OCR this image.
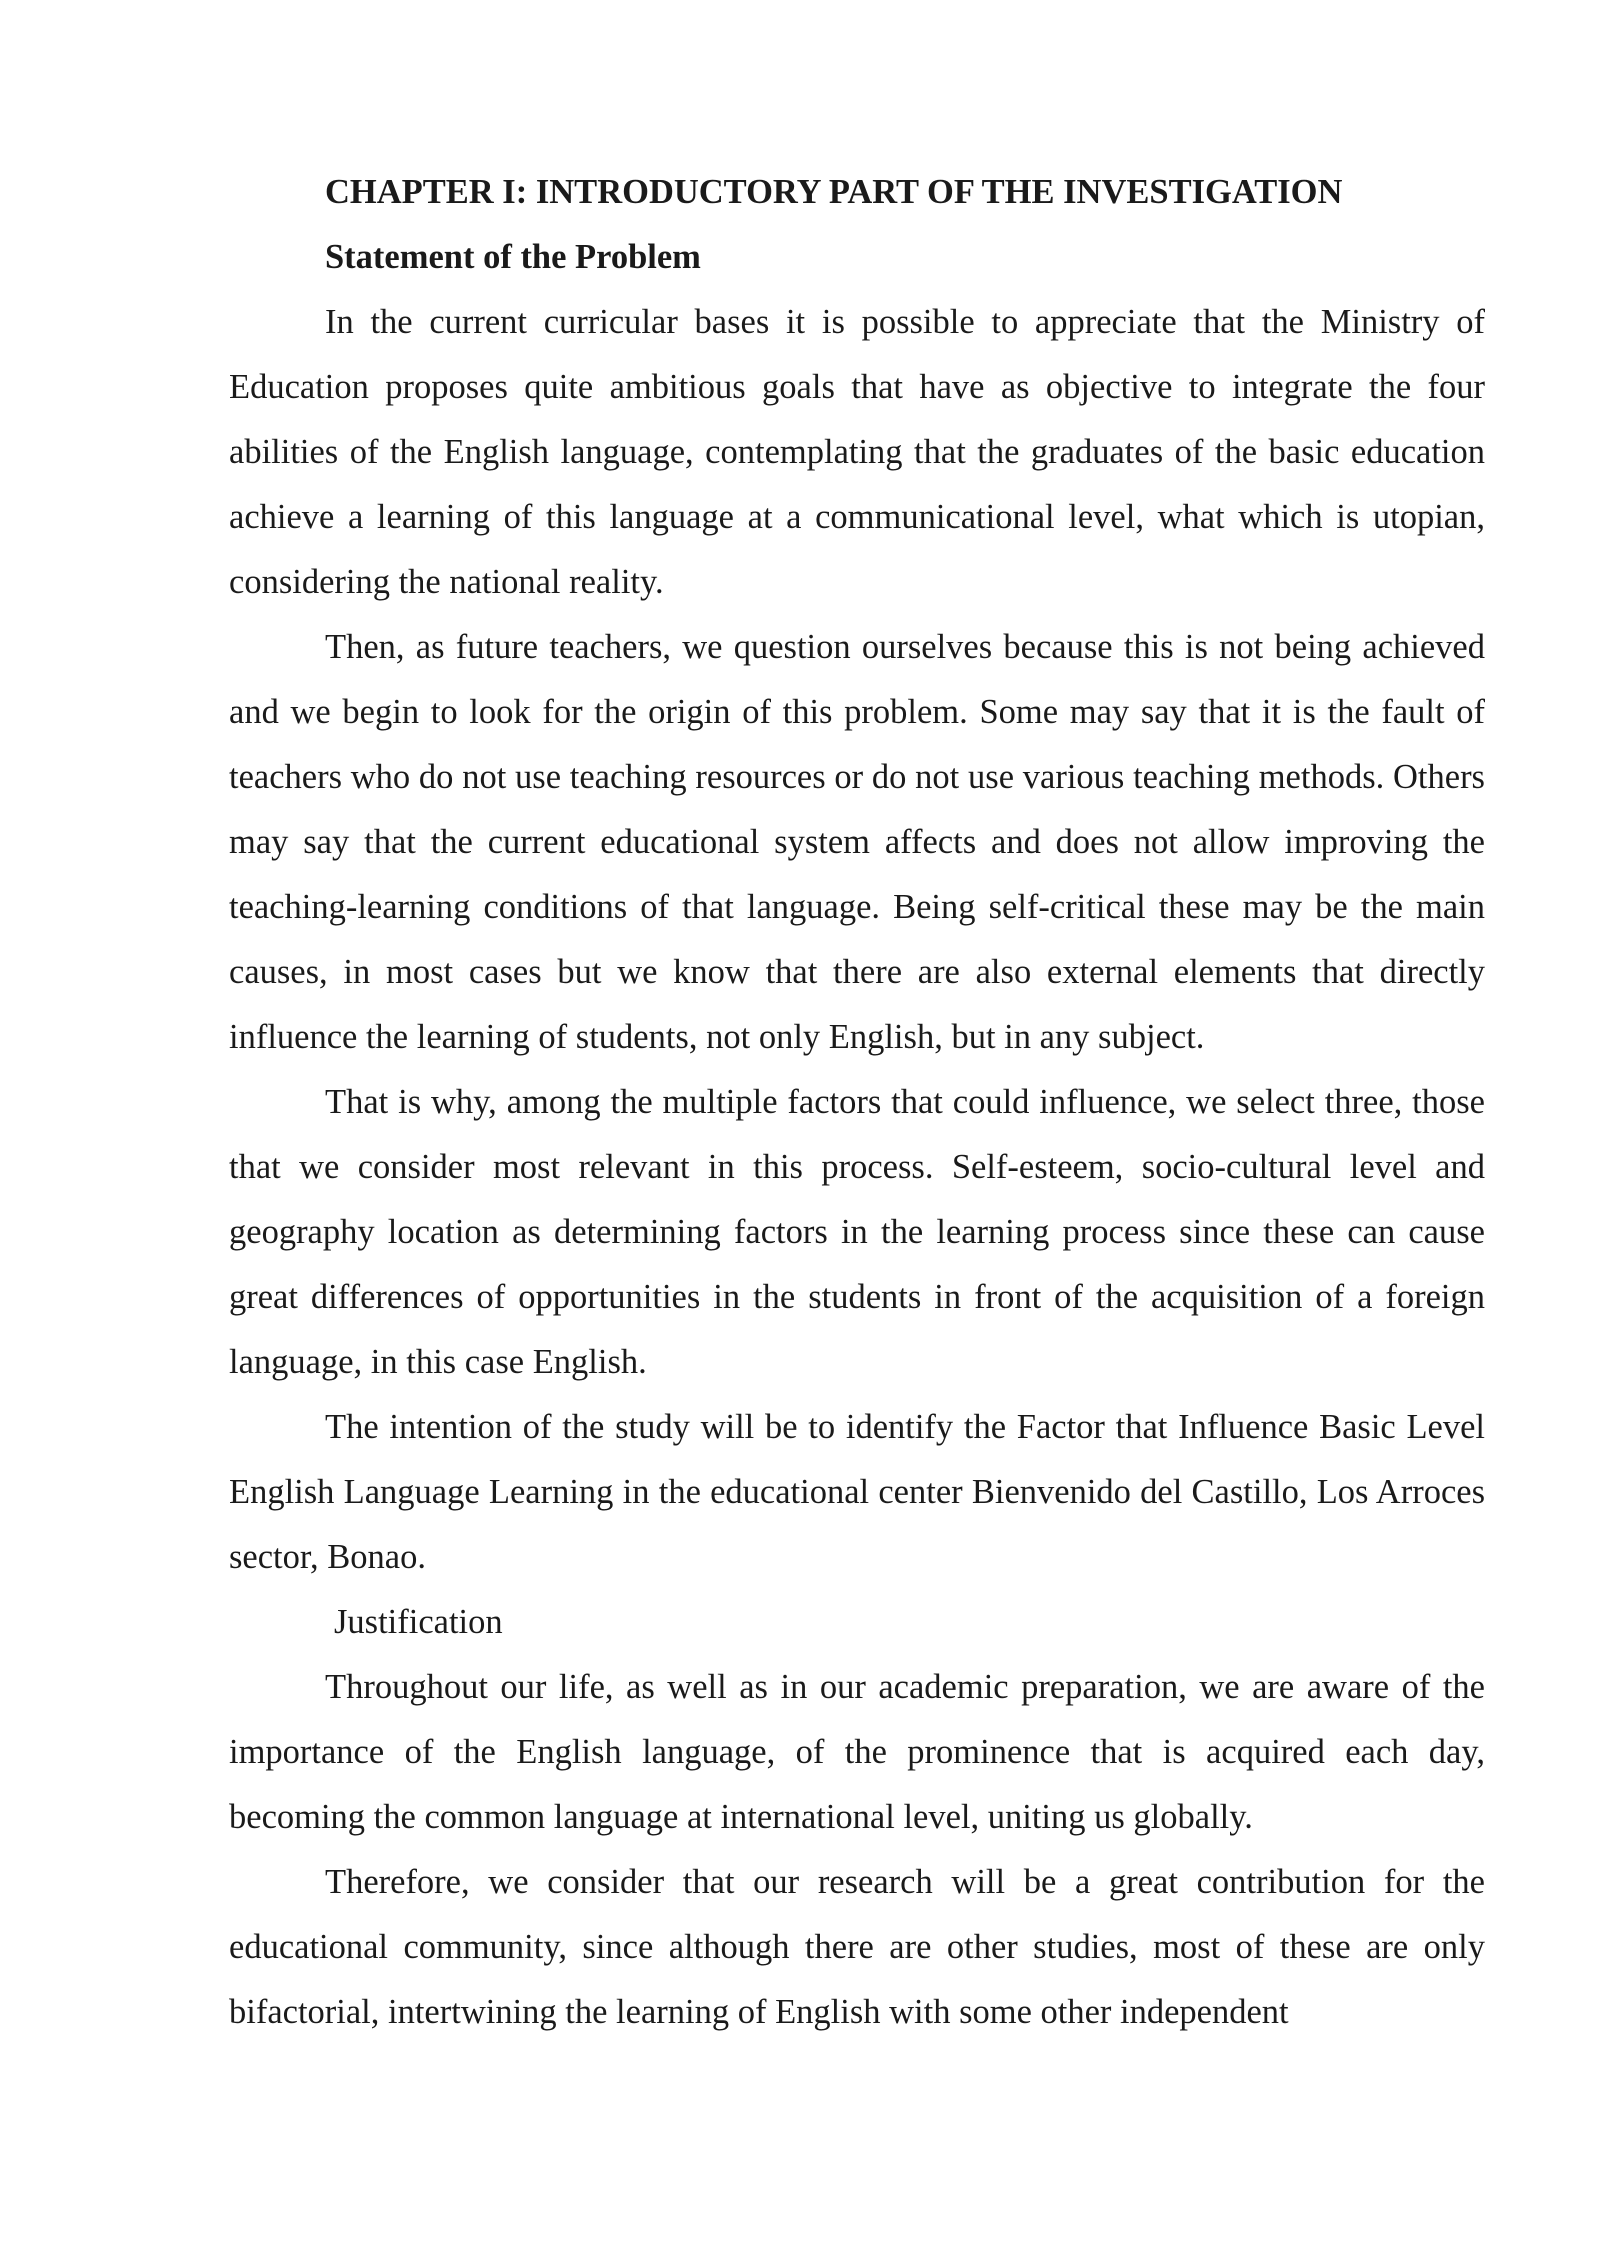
CHAPTER I: INTRODUCTORY PART OF THE INVESTIGATION
Statement of the Problem

In the current curricular bases it is possible to appreciate that the Ministry of Education proposes quite ambitious goals that have as objective to integrate the four abilities of the English language, contemplating that the graduates of the basic education achieve a learning of this language at a communicational level, what which is utopian, considering the national reality.

Then, as future teachers, we question ourselves because this is not being achieved and we begin to look for the origin of this problem. Some may say that it is the fault of teachers who do not use teaching resources or do not use various teaching methods. Others may say that the current educational system affects and does not allow improving the teaching-learning conditions of that language. Being self-critical these may be the main causes, in most cases but we know that there are also external elements that directly influence the learning of students, not only English, but in any subject.

That is why, among the multiple factors that could influence, we select three, those that we consider most relevant in this process. Self-esteem, socio-cultural level and geography location as determining factors in the learning process since these can cause great differences of opportunities in the students in front of the acquisition of a foreign language, in this case English.

The intention of the study will be to identify the Factor that Influence Basic Level English Language Learning in the educational center Bienvenido del Castillo, Los Arroces sector, Bonao.

Justification

Throughout our life, as well as in our academic preparation, we are aware of the importance of the English language, of the prominence that is acquired each day, becoming the common language at international level, uniting us globally.

Therefore, we consider that our research will be a great contribution for the educational community, since although there are other studies, most of these are only bifactorial, intertwining the learning of English with some other independent
